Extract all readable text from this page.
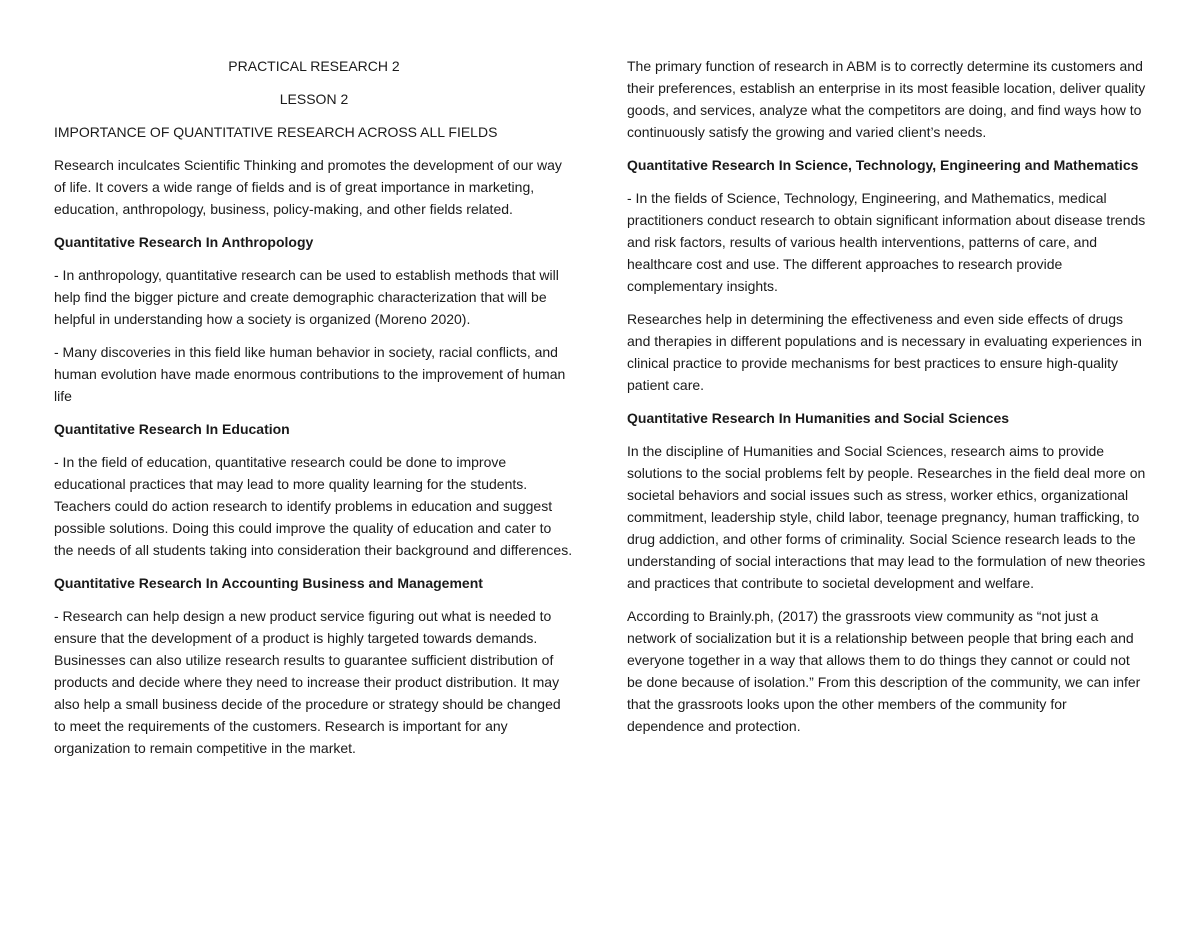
PRACTICAL RESEARCH 2

LESSON 2

IMPORTANCE OF QUANTITATIVE RESEARCH ACROSS ALL FIELDS

Research inculcates Scientific Thinking and promotes the development of our way of life. It covers a wide range of fields and is of great importance in marketing, education, anthropology, business, policy-making, and other fields related.

Quantitative Research In Anthropology

- In anthropology, quantitative research can be used to establish methods that will help find the bigger picture and create demographic characterization that will be helpful in understanding how a society is organized (Moreno 2020).

- Many discoveries in this field like human behavior in society, racial conflicts, and human evolution have made enormous contributions to the improvement of human life

Quantitative Research In Education

- In the field of education, quantitative research could be done to improve educational practices that may lead to more quality learning for the students. Teachers could do action research to identify problems in education and suggest possible solutions. Doing this could improve the quality of education and cater to the needs of all students taking into consideration their background and differences.

Quantitative Research In Accounting Business and Management

- Research can help design a new product service figuring out what is needed to ensure that the development of a product is highly targeted towards demands. Businesses can also utilize research results to guarantee sufficient distribution of products and decide where they need to increase their product distribution. It may also help a small business decide of the procedure or strategy should be changed to meet the requirements of the customers. Research is important for any organization to remain competitive in the market.

The primary function of research in ABM is to correctly determine its customers and their preferences, establish an enterprise in its most feasible location, deliver quality goods, and services, analyze what the competitors are doing, and find ways how to continuously satisfy the growing and varied client’s needs.

Quantitative Research In Science, Technology, Engineering and Mathematics

- In the fields of Science, Technology, Engineering, and Mathematics, medical practitioners conduct research to obtain significant information about disease trends and risk factors, results of various health interventions, patterns of care, and healthcare cost and use. The different approaches to research provide complementary insights.

Researches help in determining the effectiveness and even side effects of drugs and therapies in different populations and is necessary in evaluating experiences in clinical practice to provide mechanisms for best practices to ensure high-quality patient care.

Quantitative Research In Humanities and Social Sciences

In the discipline of Humanities and Social Sciences, research aims to provide solutions to the social problems felt by people. Researches in the field deal more on societal behaviors and social issues such as stress, worker ethics, organizational commitment, leadership style, child labor, teenage pregnancy, human trafficking, to drug addiction, and other forms of criminality. Social Science research leads to the understanding of social interactions that may lead to the formulation of new theories and practices that contribute to societal development and welfare.

According to Brainly.ph, (2017) the grassroots view community as “not just a network of socialization but it is a relationship between people that bring each and everyone together in a way that allows them to do things they cannot or could not be done because of isolation.” From this description of the community, we can infer that the grassroots looks upon the other members of the community for dependence and protection.
